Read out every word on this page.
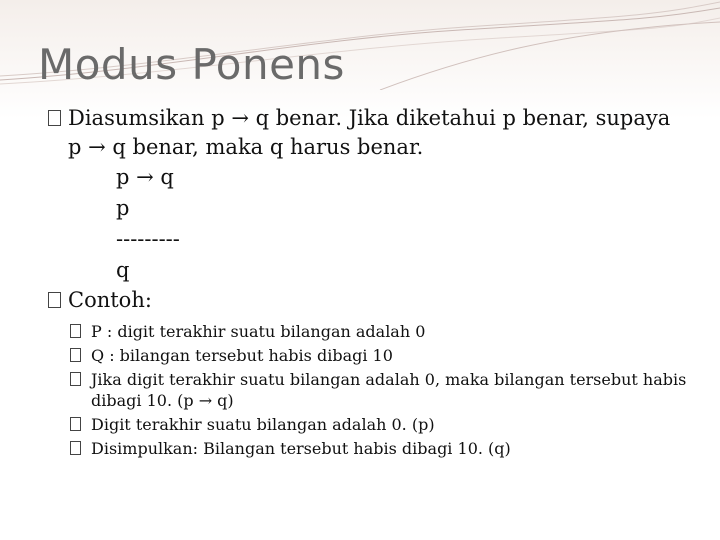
Modus Ponens

Diasumsikan p → q benar. Jika diketahui p benar, supaya p → q benar, maka q harus benar.

p → q
p
---------
q

Contoh:

P : digit terakhir suatu bilangan adalah 0
Q : bilangan tersebut habis dibagi 10
Jika digit terakhir suatu bilangan adalah 0, maka bilangan tersebut habis dibagi 10. (p → q)
Digit terakhir suatu bilangan adalah 0. (p)
Disimpulkan: Bilangan tersebut habis dibagi 10. (q)
